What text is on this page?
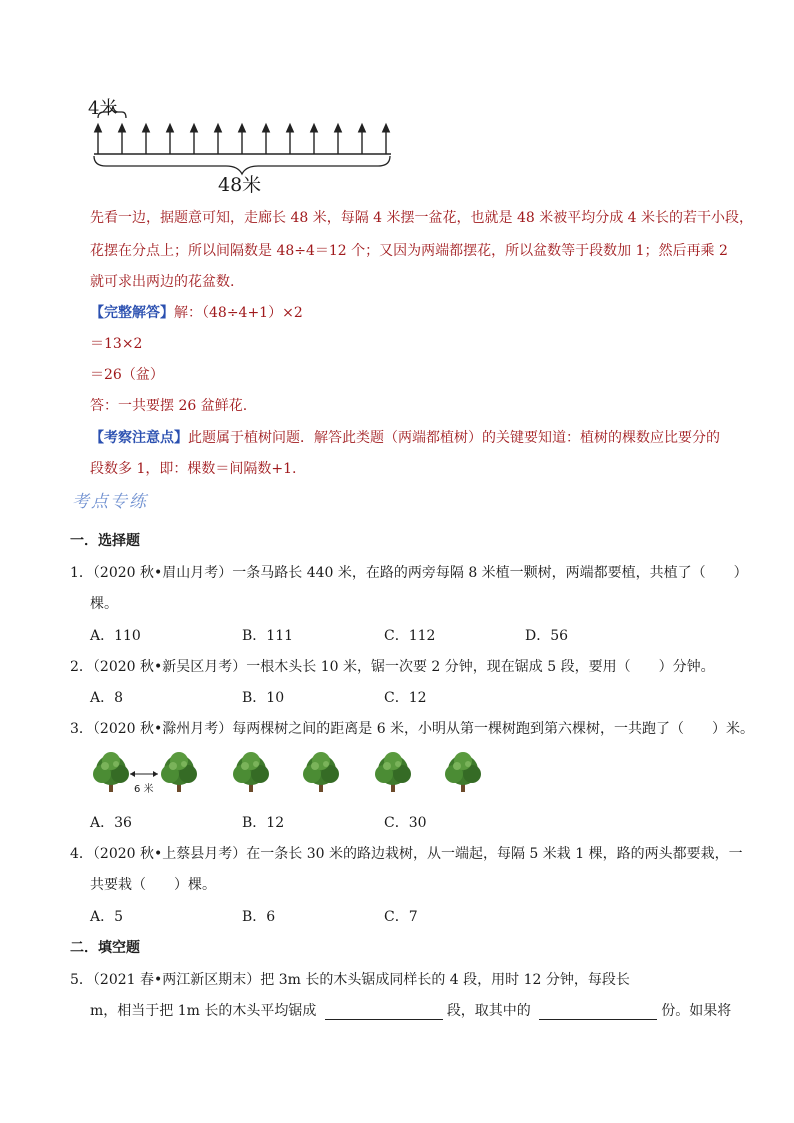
4米
48米
先看一边，据题意可知，走廊长 48 米，每隔 4 米摆一盆花，也就是 48 米被平均分成 4 米长的若干小段，
花摆在分点上；所以间隔数是 48÷4＝12 个；又因为两端都摆花，所以盆数等于段数加 1；然后再乘 2
就可求出两边的花盆数.
【完整解答】解：（48÷4+1）×2
＝13×2
＝26（盆）
答：一共要摆 26 盆鲜花.
【考察注意点】此题属于植树问题．解答此类题（两端都植树）的关键要知道：植树的棵数应比要分的
段数多 1，即：棵数＝间隔数+1.
考点专练
一．选择题
1．（2020 秋•眉山月考）一条马路长 440 米，在路的两旁每隔 8 米植一颗树，两端都要植，共植了（　　）
棵。
A．110	B．111	C．112	D．56
2．（2020 秋•新吴区月考）一根木头长 10 米，锯一次要 2 分钟，现在锯成 5 段，要用（　　）分钟。
A．8	B．10	C．12
3．（2020 秋•滁州月考）每两棵树之间的距离是 6 米，小明从第一棵树跑到第六棵树，一共跑了（　　）米。
6 米
A．36	B．12	C．30
4．（2020 秋•上蔡县月考）在一条长 30 米的路边栽树，从一端起，每隔 5 米栽 1 棵，路的两头都要栽，一
共要栽（　　）棵。
A．5	B．6	C．7
二．填空题
5．（2021 春•两江新区期末）把 3m 长的木头锯成同样长的 4 段，用时 12 分钟，每段长
m，相当于把 1m 长的木头平均锯成	段，取其中的	份。如果将
